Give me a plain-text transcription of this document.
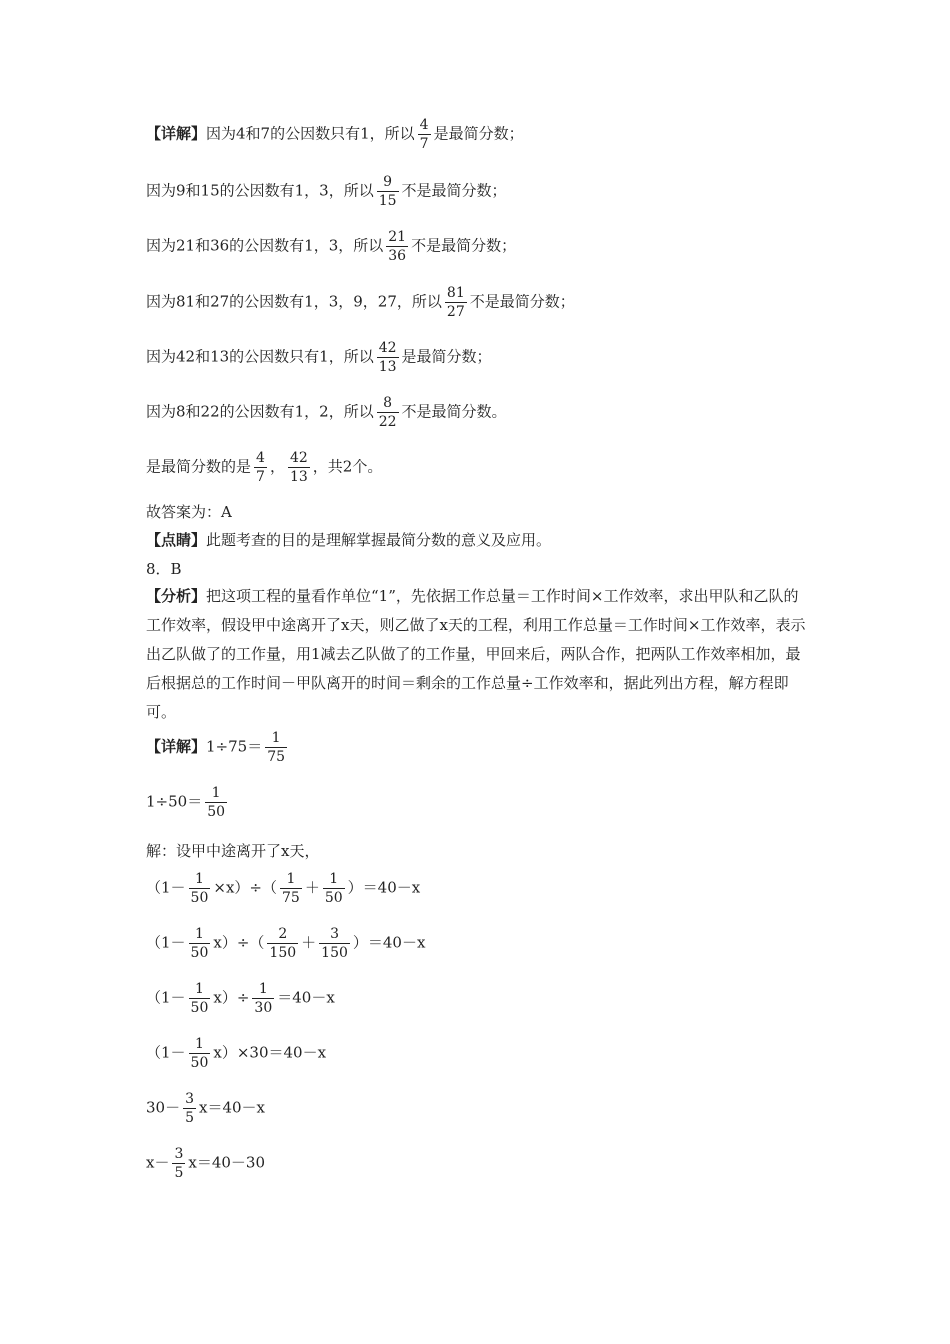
【详解】因为4和7的公因数只有1，所以 $\frac{4}{7}$ 是最简分数；
因为9和15的公因数有1，3，所以 $\frac{9}{15}$ 不是最简分数；
因为21和36的公因数有1，3，所以 $\frac{21}{36}$ 不是最简分数；
因为81和27的公因数有1，3，9，27，所以 $\frac{81}{27}$ 不是最简分数；
因为42和13的公因数只有1，所以 $\frac{42}{13}$ 是最简分数；
因为8和22的公因数有1，2，所以 $\frac{8}{22}$ 不是最简分数。
是最简分数的是 $\frac{4}{7}$ ， $\frac{42}{13}$ ，共2个。
故答案为：A
【点睛】此题考查的目的是理解掌握最简分数的意义及应用。
8．B
【分析】把这项工程的量看作单位“1”，先依据工作总量＝工作时间×工作效率，求出甲队和乙队的工作效率，假设甲中途离开了x天，则乙做了x天的工程，利用工作总量＝工作时间×工作效率，表示出乙队做了的工作量，用1减去乙队做了的工作量，甲回来后，两队合作，把两队工作效率相加，最后根据总的工作时间－甲队离开的时间＝剩余的工作总量÷工作效率和，据此列出方程，解方程即可。
【详解】$1\div 75= \frac{1}{75}$
$1\div 50= \frac{1}{50}$
解：设甲中途离开了x天，
$(1- \frac{1}{50} \times x)\div( \frac{1}{75} + \frac{1}{50} )=40-x$
$(1- \frac{1}{50} x)\div( \frac{2}{150} + \frac{3}{150} )=40-x$
$(1- \frac{1}{50} x)\div \frac{1}{30} =40-x$
$(1- \frac{1}{50} x)\times 30=40-x$
$30- \frac{3}{5} x=40-x$
$x- \frac{3}{5} x=40-30$
